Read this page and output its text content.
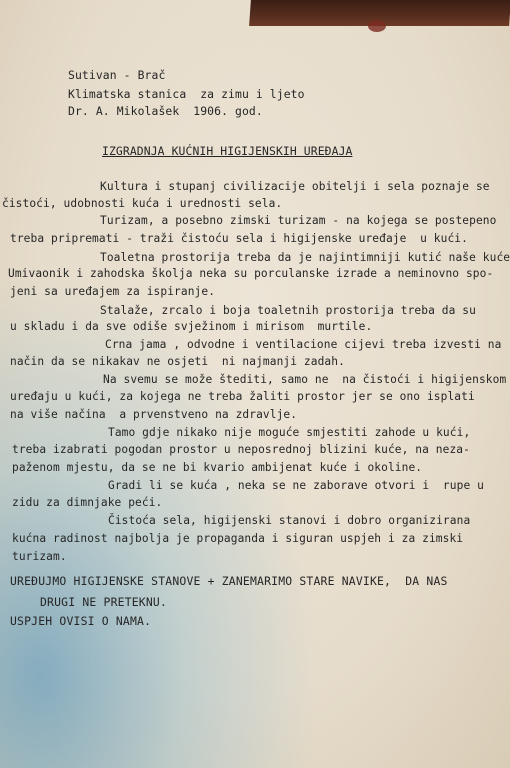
Sutivan - Brač
Klimatska stanica  za zimu i ljeto
Dr. A. Mikolašek  1906. god.
IZGRADNJA KUĆNIH HIGIJENSKIH UREĐAJA
Kultura i stupanj civilizacije obitelji i sela poznaje se
čistoći, udobnosti kuća i urednosti sela.
Turizam, a posebno zimski turizam - na kojega se postepeno
treba pripremati - traži čistoću sela i higijenske uređaje  u kući.
Toaletna prostorija treba da je najintimniji kutić naše kuće
Umivaonik i zahodska školja neka su porculanske izrade a neminovno spo-
jeni sa uređajem za ispiranje.
Stalaže, zrcalo i boja toaletnih prostorija treba da su
u skladu i da sve odiše svježinom i mirisom  murtile.
Crna jama , odvodne i ventilacione cijevi treba izvesti na
način da se nikakav ne osjeti  ni najmanji zadah.
Na svemu se može štediti, samo ne  na čistoći i higijenskom
uređaju u kući, za kojega ne treba žaliti prostor jer se ono isplati
na više načina  a prvenstveno na zdravlje.
Tamo gdje nikako nije moguće smjestiti zahode u kući,
treba izabrati pogodan prostor u neposrednoj blizini kuće, na neza-
paženom mjestu, da se ne bi kvario ambijenat kuće i okoline.
Gradi li se kuća , neka se ne zaborave otvori i  rupe u
zidu za dimnjake peći.
Čistoća sela, higijenski stanovi i dobro organizirana
kućna radinost najbolja je propaganda i siguran uspjeh i za zimski
turizam.
UREĐUJMO HIGIJENSKE STANOVE + ZANEMARIMO STARE NAVIKE,  DA NAS
DRUGI NE PRETEKNU.
USPJEH OVISI O NAMA.
